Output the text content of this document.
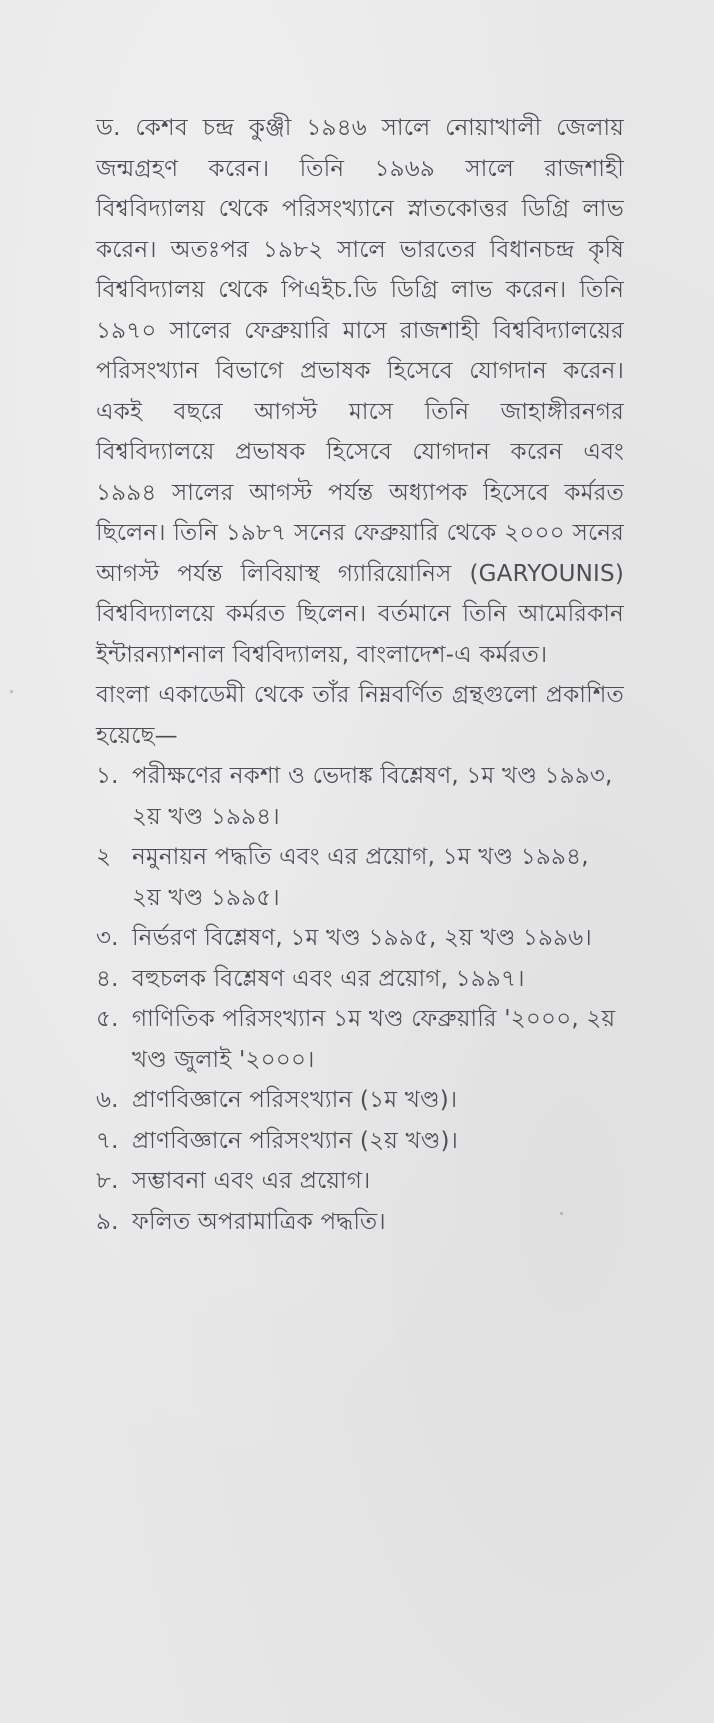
ড. কেশব চন্দ্র কুঞ্জী ১৯৪৬ সালে নোয়াখালী জেলায় জন্মগ্রহণ করেন। তিনি ১৯৬৯ সালে রাজশাহী বিশ্ববিদ্যালয় থেকে পরিসংখ্যানে স্নাতকোত্তর ডিগ্রি লাভ করেন। অতঃপর ১৯৮২ সালে ভারতের বিধানচন্দ্র কৃষি বিশ্ববিদ্যালয় থেকে পিএইচ.ডি ডিগ্রি লাভ করেন। তিনি ১৯৭০ সালের ফেব্রুয়ারি মাসে রাজশাহী বিশ্ববিদ্যালয়ের পরিসংখ্যান বিভাগে প্রভাষক হিসেবে যোগদান করেন। একই বছরে আগস্ট মাসে তিনি জাহাঙ্গীরনগর বিশ্ববিদ্যালয়ে প্রভাষক হিসেবে যোগদান করেন এবং ১৯৯৪ সালের আগস্ট পর্যন্ত অধ্যাপক হিসেবে কর্মরত ছিলেন। তিনি ১৯৮৭ সনের ফেব্রুয়ারি থেকে ২০০০ সনের আগস্ট পর্যন্ত লিবিয়াস্থ গ্যারিয়োনিস (GARYOUNIS) বিশ্ববিদ্যালয়ে কর্মরত ছিলেন। বর্তমানে তিনি আমেরিকান ইন্টারন্যাশনাল বিশ্ববিদ্যালয়, বাংলাদেশ-এ কর্মরত।

বাংলা একাডেমী থেকে তাঁর নিম্নবর্ণিত গ্রন্থগুলো প্রকাশিত হয়েছে—

১. পরীক্ষণের নকশা ও ভেদাঙ্ক বিশ্লেষণ, ১ম খণ্ড ১৯৯৩, ২য় খণ্ড ১৯৯৪।
২ নমুনায়ন পদ্ধতি এবং এর প্রয়োগ, ১ম খণ্ড ১৯৯৪, ২য় খণ্ড ১৯৯৫।
৩. নির্ভরণ বিশ্লেষণ, ১ম খণ্ড ১৯৯৫, ২য় খণ্ড ১৯৯৬।
৪. বহুচলক বিশ্লেষণ এবং এর প্রয়োগ, ১৯৯৭।
৫. গাণিতিক পরিসংখ্যান ১ম খণ্ড ফেব্রুয়ারি '২০০০, ২য় খণ্ড জুলাই '২০০০।
৬. প্রাণবিজ্ঞানে পরিসংখ্যান (১ম খণ্ড)।
৭. প্রাণবিজ্ঞানে পরিসংখ্যান (২য় খণ্ড)।
৮. সম্ভাবনা এবং এর প্রয়োগ।
৯. ফলিত অপরামাত্রিক পদ্ধতি।
